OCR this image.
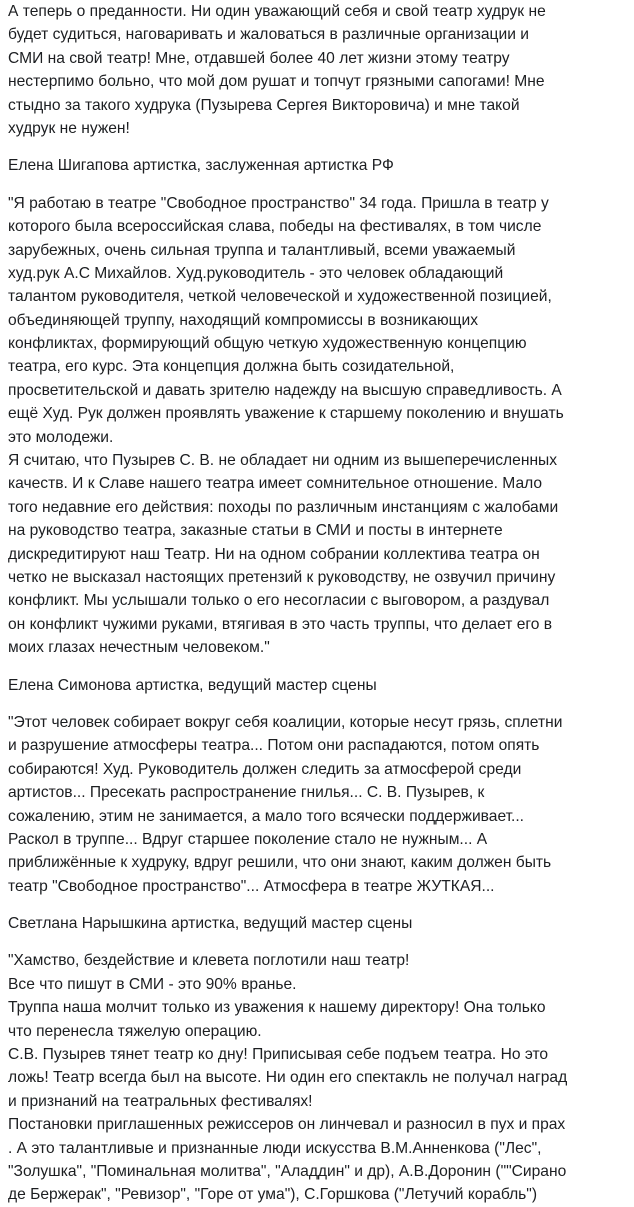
А теперь о преданности. Ни один уважающий себя и свой театр худрук не
будет судиться, наговаривать и жаловаться в различные организации и
СМИ на свой театр! Мне, отдавшей более 40 лет жизни этому театру
нестерпимо больно, что мой дом рушат и топчут грязными сапогами! Мне
стыдно за такого худрука (Пузырева Сергея Викторовича) и мне такой
худрук не нужен!
Елена Шигапова артистка, заслуженная артистка РФ
"Я работаю в театре "Свободное пространство" 34 года. Пришла в театр у
которого была всероссийская слава, победы на фестивалях, в том числе
зарубежных, очень сильная труппа и талантливый, всеми уважаемый
худ.рук А.С Михайлов. Худ.руководитель - это человек обладающий
талантом руководителя, четкой человеческой и художественной позицией,
объединяющей труппу, находящий компромиссы в возникающих
конфликтах, формирующий общую четкую художественную концепцию
театра, его курс. Эта концепция должна быть созидательной,
просветительской и давать зрителю надежду на высшую справедливость. А
ещё Худ. Рук должен проявлять уважение к старшему поколению и внушать
это молодежи.
Я считаю, что Пузырев С. В. не обладает ни одним из вышеперечисленных
качеств. И к Славе нашего театра имеет сомнительное отношение. Мало
того недавние его действия: походы по различным инстанциям с жалобами
на руководство театра, заказные статьи в СМИ и посты в интернете
дискредитируют наш Театр. Ни на одном собрании коллектива театра он
четко не высказал настоящих претензий к руководству, не озвучил причину
конфликт. Мы услышали только о его несогласии с выговором, а раздувал
он конфликт чужими руками, втягивая в это часть труппы, что делает его в
моих глазах нечестным человеком."
Елена Симонова артистка, ведущий мастер сцены
"Этот человек собирает вокруг себя коалиции, которые несут грязь, сплетни
и разрушение атмосферы театра... Потом они распадаются, потом опять
собираются! Худ. Руководитель должен следить за атмосферой среди
артистов... Пресекать распространение гнилья... С. В. Пузырев, к
сожалению, этим не занимается, а мало того всячески поддерживает...
Раскол в труппе... Вдруг старшее поколение стало не нужным... А
приближённые к худруку, вдруг решили, что они знают, каким должен быть
театр "Свободное пространство"... Атмосфера в театре ЖУТКАЯ...
Светлана Нарышкина артистка, ведущий мастер сцены
"Хамство, бездействие и клевета поглотили наш театр!
Все что пишут в СМИ - это 90% вранье.
Труппа наша молчит только из уважения к нашему директору! Она только
что перенесла тяжелую операцию.
С.В. Пузырев тянет театр ко дну! Приписывая себе подъем театра. Но это
ложь! Театр всегда был на высоте. Ни один его спектакль не получал наград
и признаний на театральных фестивалях!
Постановки приглашенных режиссеров он линчевал и разносил в пух и прах
. А это талантливые и признанные люди искусства В.М.Анненкова ("Лес",
"Золушка", "Поминальная молитва", "Аладдин" и др), А.В.Доронин (""Сирано
де Бержерак", "Ревизор", "Горе от ума"), С.Горшкова ("Летучий корабль")
